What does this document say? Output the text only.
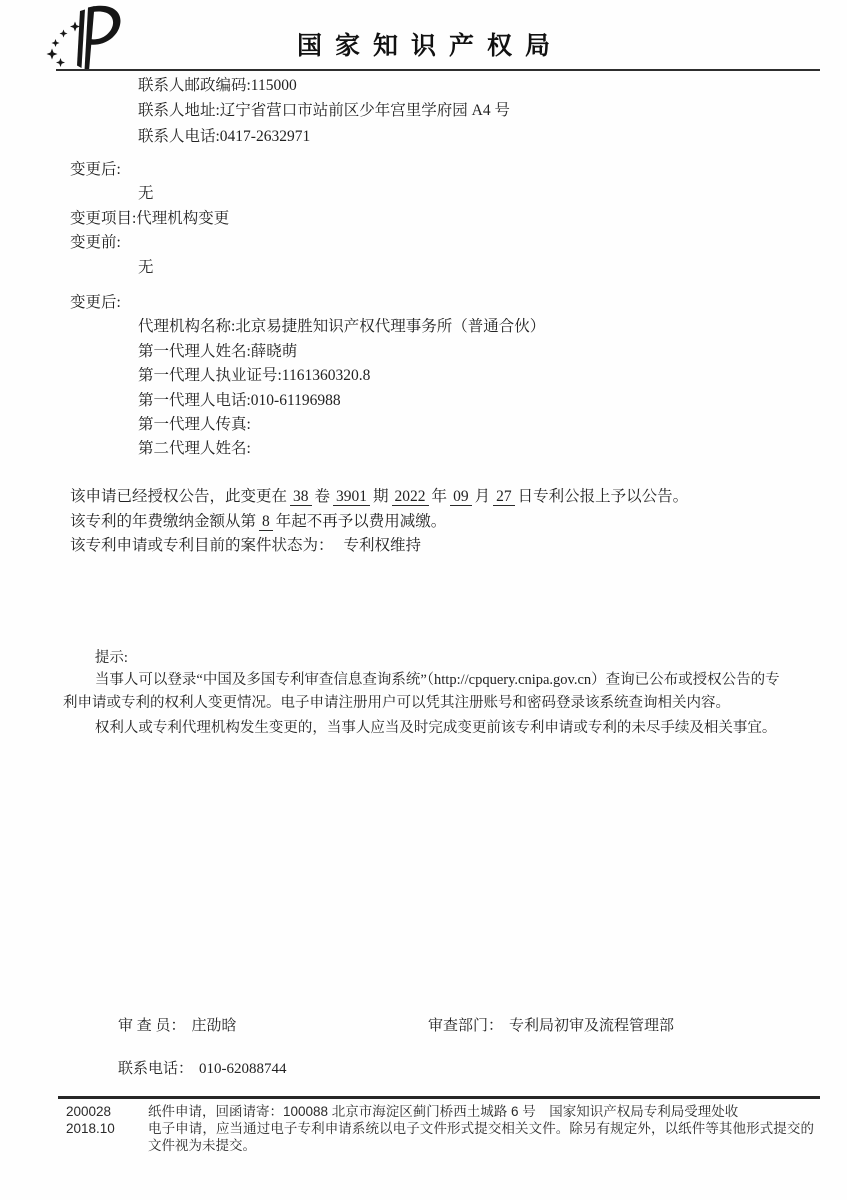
国家知识产权局
联系人邮政编码:115000
联系人地址:辽宁省营口市站前区少年宫里学府园 A4 号
联系人电话:0417-2632971
变更后:
无
变更项目:代理机构变更
变更前:
无
变更后:
代理机构名称:北京易捷胜知识产权代理事务所（普通合伙）
第一代理人姓名:薛晓萌
第一代理人执业证号:1161360320.8
第一代理人电话:010-61196988
第一代理人传真:
第二代理人姓名:
该申请已经授权公告，此变更在 38 卷 3901 期 2022 年 09 月 27 日专利公报上予以公告。
该专利的年费缴纳金额从第 8 年起不再予以费用减缴。
该专利申请或专利目前的案件状态为： 专利权维持

提示:

当事人可以登录“中国及多国专利审查信息查询系统”（http://cpquery.cnipa.gov.cn）查询已公布或授权公告的专利申请或专利的权利人变更情况。电子申请注册用户可以凭其注册账号和密码登录该系统查询相关内容。

权利人或专利代理机构发生变更的，当事人应当及时完成变更前该专利申请或专利的未尽手续及相关事宜。

审 查 员： 庄劭晗	审查部门： 专利局初审及流程管理部
联系电话： 010-62088744
200028
2018.10
纸件申请，回函请寄：100088 北京市海淀区蓟门桥西土城路 6 号　国家知识产权局专利局受理处收
电子申请，应当通过电子专利申请系统以电子文件形式提交相关文件。除另有规定外，以纸件等其他形式提交的文件视为未提交。
